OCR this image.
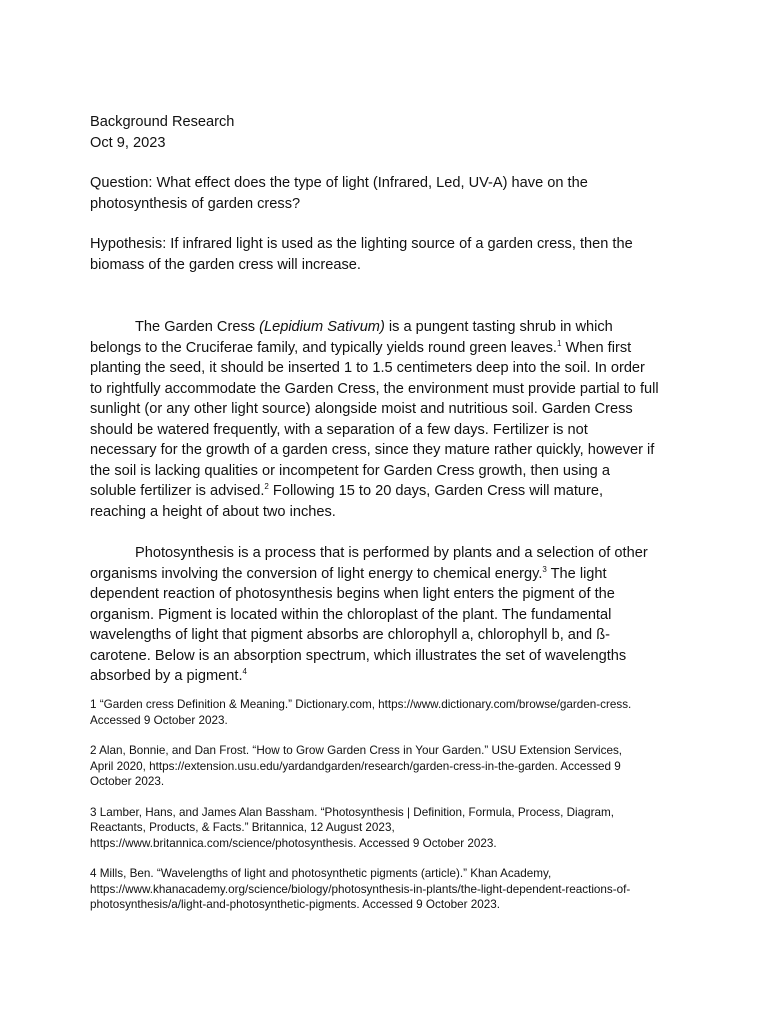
Background Research
Oct 9, 2023
Question: What effect does the type of light (Infrared, Led, UV-A) have on the
photosynthesis of garden cress?
Hypothesis: If infrared light is used as the lighting source of a garden cress, then the
biomass of the garden cress will increase.
The Garden Cress (Lepidium Sativum) is a pungent tasting shrub in which
belongs to the Cruciferae family, and typically yields round green leaves.$^1$ When first
planting the seed, it should be inserted 1 to 1.5 centimeters deep into the soil. In order
to rightfully accommodate the Garden Cress, the environment must provide partial to full
sunlight (or any other light source) alongside moist and nutritious soil. Garden Cress
should be watered frequently, with a separation of a few days. Fertilizer is not
necessary for the growth of a garden cress, since they mature rather quickly, however if
the soil is lacking qualities or incompetent for Garden Cress growth, then using a
soluble fertilizer is advised.$^2$ Following 15 to 20 days, Garden Cress will mature,
reaching a height of about two inches.
Photosynthesis is a process that is performed by plants and a selection of other
organisms involving the conversion of light energy to chemical energy.$^3$ The light
dependent reaction of photosynthesis begins when light enters the pigment of the
organism. Pigment is located within the chloroplast of the plant. The fundamental
wavelengths of light that pigment absorbs are chlorophyll a, chlorophyll b, and ß-
carotene. Below is an absorption spectrum, which illustrates the set of wavelengths
absorbed by a pigment.$^4$
1 “Garden cress Definition & Meaning.” Dictionary.com, https://www.dictionary.com/browse/garden-cress.
Accessed 9 October 2023.
2 Alan, Bonnie, and Dan Frost. “How to Grow Garden Cress in Your Garden.” USU Extension Services,
April 2020, https://extension.usu.edu/yardandgarden/research/garden-cress-in-the-garden. Accessed 9
October 2023.
3 Lamber, Hans, and James Alan Bassham. “Photosynthesis | Definition, Formula, Process, Diagram,
Reactants, Products, & Facts.” Britannica, 12 August 2023,
https://www.britannica.com/science/photosynthesis. Accessed 9 October 2023.
4 Mills, Ben. “Wavelengths of light and photosynthetic pigments (article).” Khan Academy,
https://www.khanacademy.org/science/biology/photosynthesis-in-plants/the-light-dependent-reactions-of-
photosynthesis/a/light-and-photosynthetic-pigments. Accessed 9 October 2023.
